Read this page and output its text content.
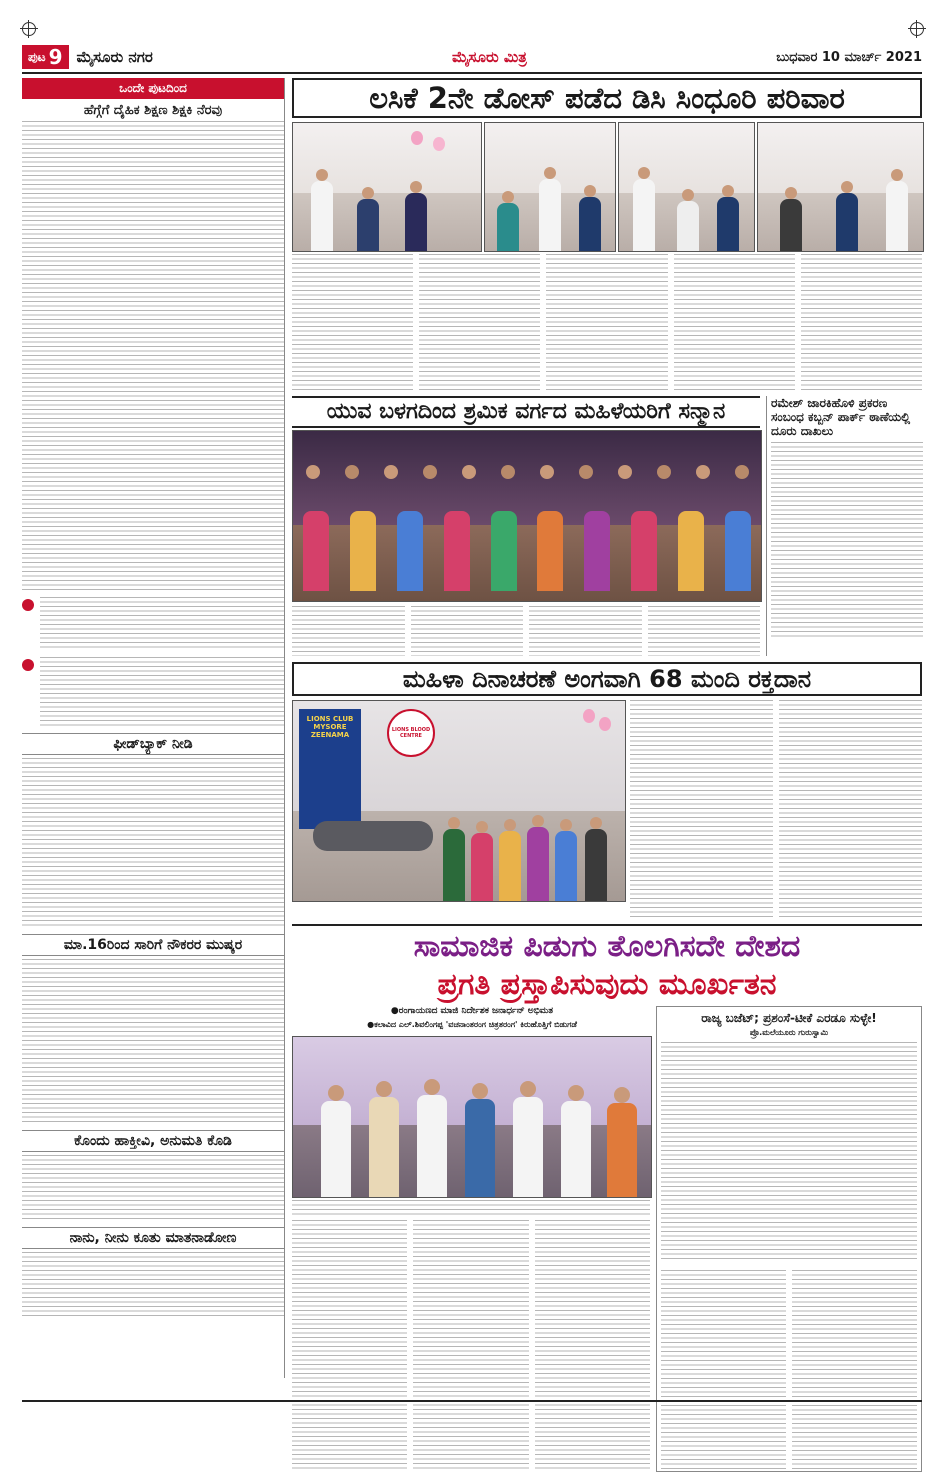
ಪುಟ 9 ಮೈಸೂರು ನಗರ	ಮೈಸೂರು ಮಿತ್ರ	ಬುಧವಾರ 10 ಮಾರ್ಚ್ 2021
ಒಂದೇ ಪುಟದಿಂದ
ಹೆಗ್ಗೆಗೆ ದೈಹಿಕ ಶಿಕ್ಷಣ ಶಿಕ್ಷಕಿ ನೆರವು
ಫೀಡ್‌ಬ್ಯಾಕ್ ನೀಡಿ
ಮಾ.16ರಿಂದ ಸಾರಿಗೆ ನೌಕರರ ಮುಷ್ಕರ
ಕೊಂದು ಹಾಕ್ತೀವಿ, ಅನುಮತಿ ಕೊಡಿ
ನಾನು, ನೀನು ಕೂತು ಮಾತನಾಡೋಣ
ಲಸಿಕೆ 2ನೇ ಡೋಸ್ ಪಡೆದ ಡಿಸಿ ಸಿಂಧೂರಿ ಪರಿವಾರ
ಯುವ ಬಳಗದಿಂದ ಶ್ರಮಿಕ ವರ್ಗದ ಮಹಿಳೆಯರಿಗೆ ಸನ್ಮಾನ	ರಮೇಶ್ ಜಾರಕಿಹೊಳಿ ಪ್ರಕರಣ ಸಂಬಂಧ ಕಬ್ಬನ್ ಪಾರ್ಕ್ ಠಾಣೆಯಲ್ಲಿ ದೂರು ದಾಖಲು
ಮಹಿಳಾ ದಿನಾಚರಣೆ ಅಂಗವಾಗಿ 68 ಮಂದಿ ರಕ್ತದಾನ
LIONS CLUB MYSORE ZEENAMA
LIONS BLOOD CENTRE
ಸಾಮಾಜಿಕ ಪಿಡುಗು ತೊಲಗಿಸದೇ ದೇಶದ
ಪ್ರಗತಿ ಪ್ರಸ್ತಾಪಿಸುವುದು ಮೂರ್ಖತನ
●ರಂಗಾಯಣದ ಮಾಜಿ ನಿರ್ದೇಶಕ ಜನಾರ್ಧನ್ ಅಭಿಮತ
●ಕಲಾವಿದ ಎಲ್.ಶಿವಲಿಂಗಪ್ಪ 'ವಚನಾಂತರಂಗ ಚಿತ್ರತರಂಗ' ಕಿರುಹೊತ್ತಿಗೆ ಬಿಡುಗಡೆ	ರಾಜ್ಯ ಬಜೆಟ್; ಪ್ರಶಂಸೆ-ಟೀಕೆ ಎರಡೂ ಸುಳ್ಳೇ!
ಪ್ರೊ.ಮಲೆಯೂರು ಗುರುಸ್ವಾಮಿ
